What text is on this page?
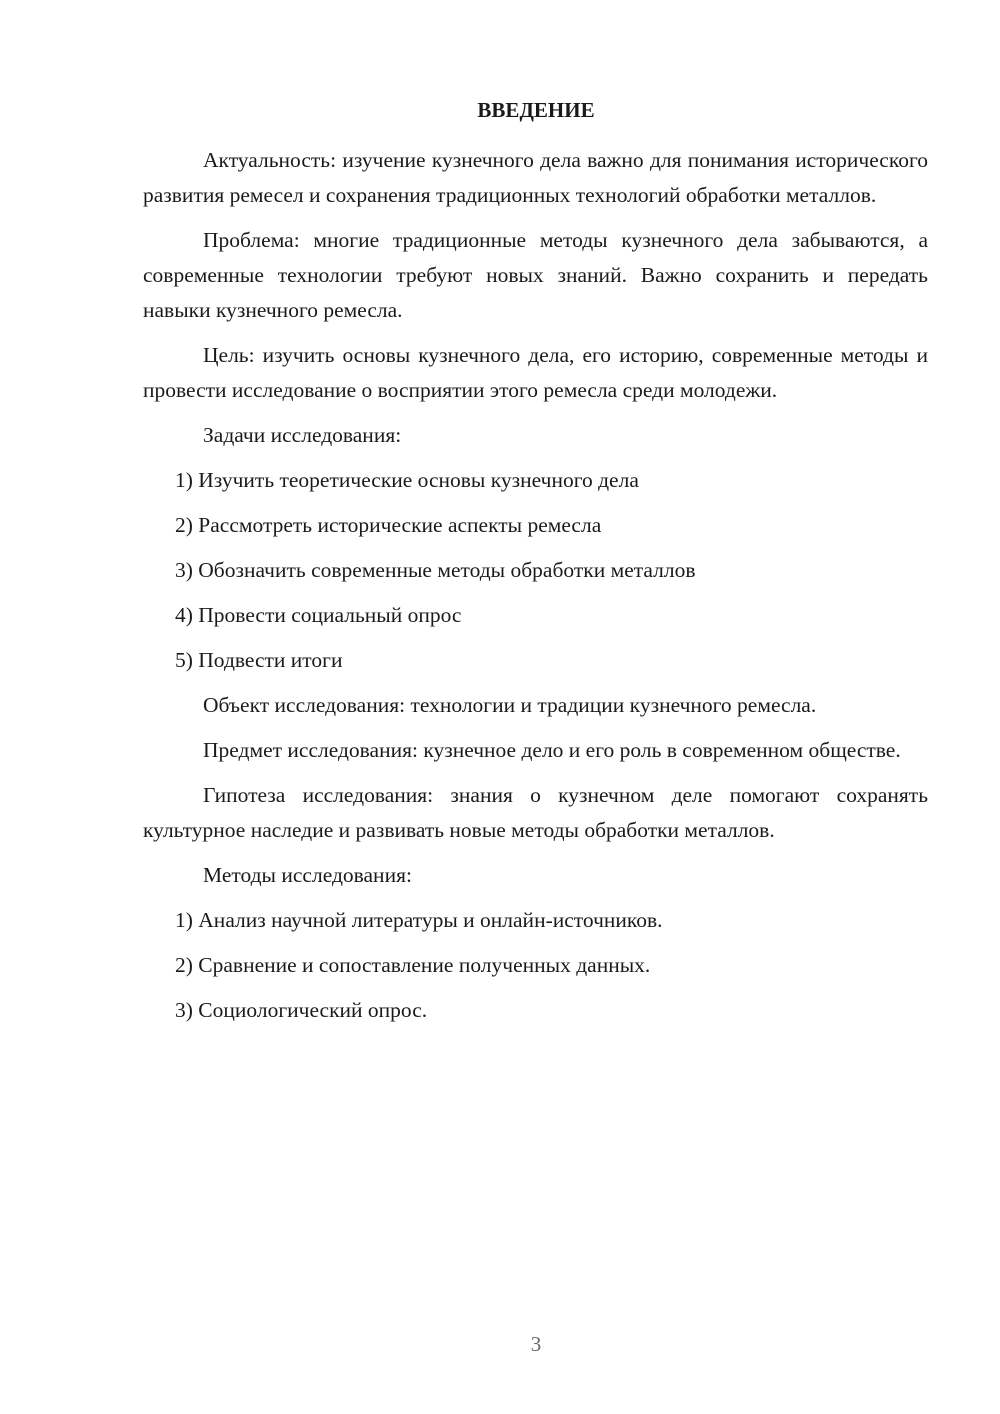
ВВЕДЕНИЕ

Актуальность: изучение кузнечного дела важно для понимания исторического развития ремесел и сохранения традиционных технологий обработки металлов.

Проблема: многие традиционные методы кузнечного дела забываются, а современные технологии требуют новых знаний. Важно сохранить и передать навыки кузнечного ремесла.

Цель: изучить основы кузнечного дела, его историю, современные методы и провести исследование о восприятии этого ремесла среди молодежи.

Задачи исследования:

1) Изучить теоретические основы кузнечного дела

2) Рассмотреть исторические аспекты ремесла

3) Обозначить современные методы обработки металлов

4) Провести социальный опрос

5) Подвести итоги

Объект исследования: технологии и традиции кузнечного ремесла.

Предмет исследования: кузнечное дело и его роль в современном обществе.

Гипотеза исследования: знания о кузнечном деле помогают сохранять культурное наследие и развивать новые методы обработки металлов.

Методы исследования:

1) Анализ научной литературы и онлайн-источников.

2) Сравнение и сопоставление полученных данных.

3) Социологический опрос.

3
